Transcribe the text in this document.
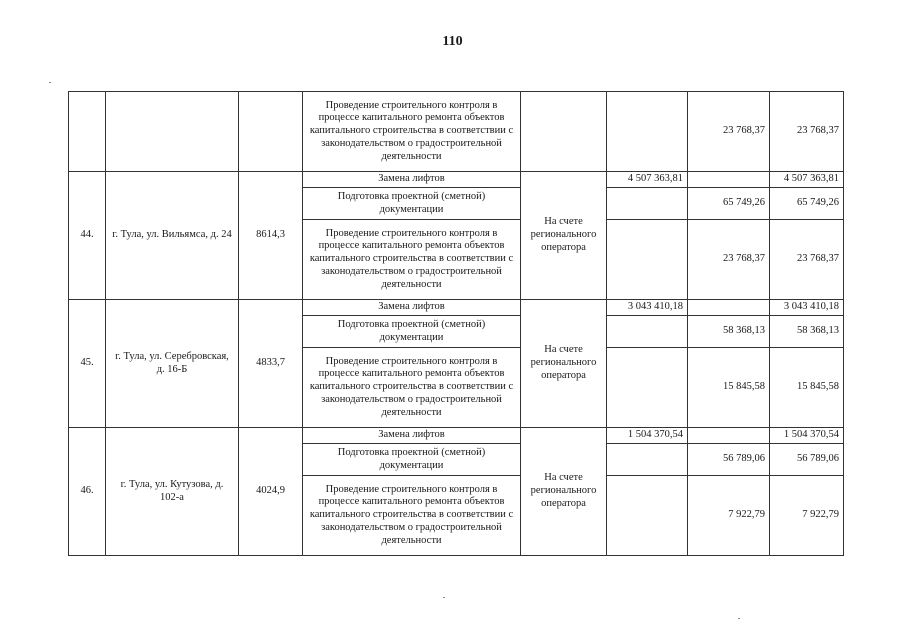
110
			Проведение строительного контроля в процессе капитального ремонта объектов капитального строительства в соответствии с законодательством о градостроительной деятельности			23 768,37	23 768,37
44.	г. Тула, ул. Вильямса, д. 24	8614,3	Замена лифтов	На счете регионального оператора	4 507 363,81		4 507 363,81
			Подготовка проектной (сметной) документации			65 749,26	65 749,26
			Проведение строительного контроля в процессе капитального ремонта объектов капитального строительства в соответствии с законодательством о градостроительной деятельности			23 768,37	23 768,37
45.	г. Тула, ул. Серебровская, д. 16-Б	4833,7	Замена лифтов	На счете регионального оператора	3 043 410,18		3 043 410,18
			Подготовка проектной (сметной) документации			58 368,13	58 368,13
			Проведение строительного контроля в процессе капитального ремонта объектов капитального строительства в соответствии с законодательством о градостроительной деятельности			15 845,58	15 845,58
46.	г. Тула, ул. Кутузова, д. 102-а	4024,9	Замена лифтов	На счете регионального оператора	1 504 370,54		1 504 370,54
			Подготовка проектной (сметной) документации			56 789,06	56 789,06
			Проведение строительного контроля в процессе капитального ремонта объектов капитального строительства в соответствии с законодательством о градостроительной деятельности			7 922,79	7 922,79
